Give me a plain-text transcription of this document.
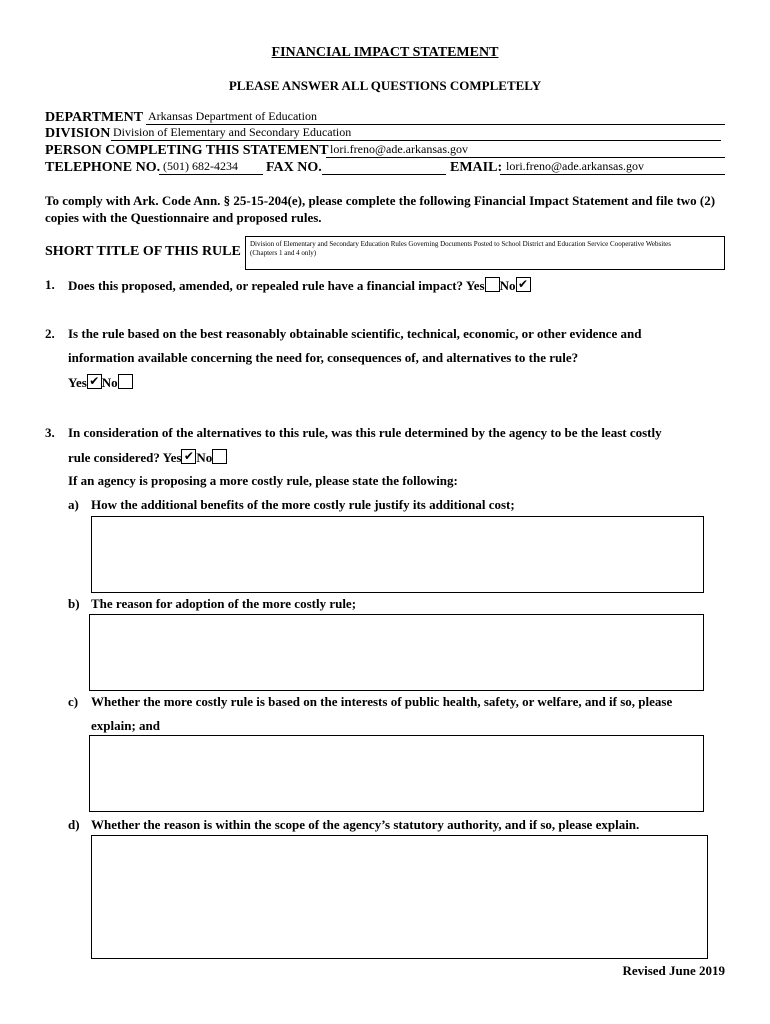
FINANCIAL IMPACT STATEMENT
PLEASE ANSWER ALL QUESTIONS COMPLETELY
DEPARTMENT Arkansas Department of Education
DIVISION Division of Elementary and Secondary Education
PERSON COMPLETING THIS STATEMENT lori.freno@ade.arkansas.gov
TELEPHONE NO. (501) 682-4234 FAX NO.	EMAIL: lori.freno@ade.arkansas.gov
To comply with Ark. Code Ann. § 25-15-204(e), please complete the following Financial Impact Statement and file two (2) copies with the Questionnaire and proposed rules.
SHORT TITLE OF THIS RULE Division of Elementary and Secondary Education Rules Governing Documents Posted to School District and Education Service Cooperative Websites
(Chapters 1 and 4 only)
1. Does this proposed, amended, or repealed rule have a financial impact? Yes No ✔
2. Is the rule based on the best reasonably obtainable scientific, technical, economic, or other evidence and
information available concerning the need for, consequences of, and alternatives to the rule?
Yes ✔ No
3. In consideration of the alternatives to this rule, was this rule determined by the agency to be the least costly
rule considered? Yes ✔ No
If an agency is proposing a more costly rule, please state the following:
a) How the additional benefits of the more costly rule justify its additional cost;
b) The reason for adoption of the more costly rule;
c) Whether the more costly rule is based on the interests of public health, safety, or welfare, and if so, please
explain; and
d) Whether the reason is within the scope of the agency’s statutory authority, and if so, please explain.
Revised June 2019
